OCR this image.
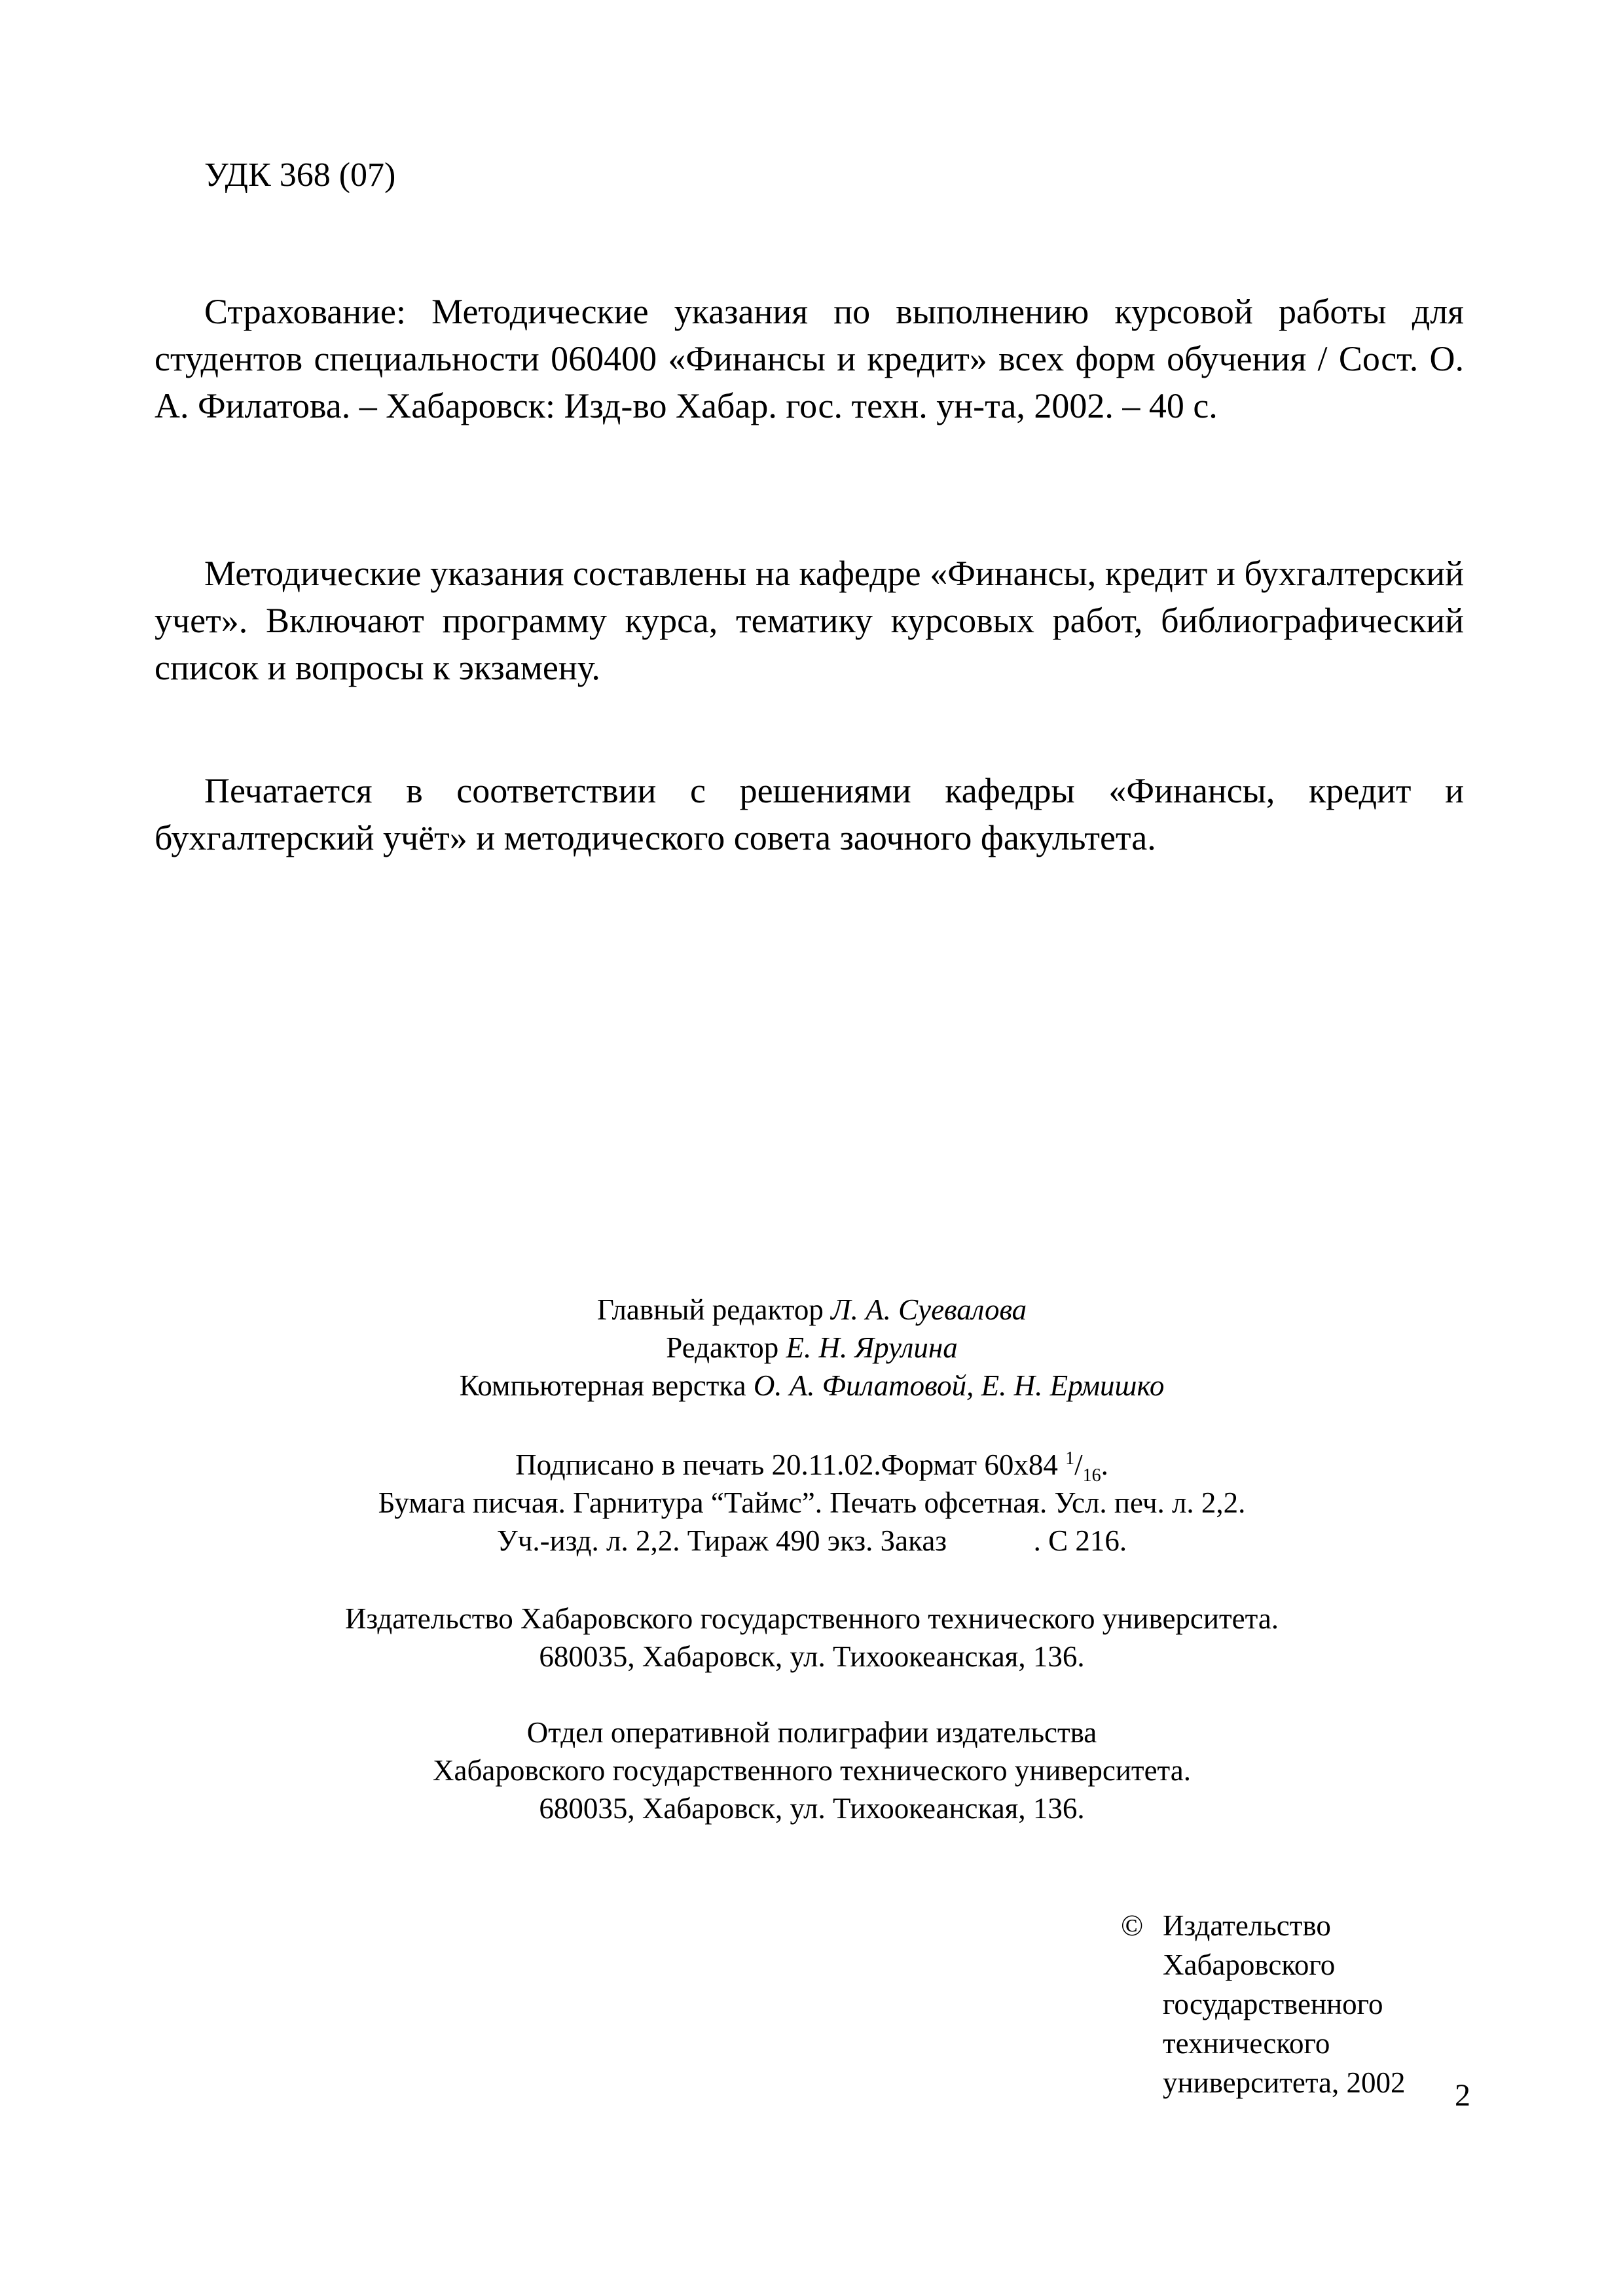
УДК 368 (07)
Страхование: Методические указания по выполнению курсовой работы для студентов специальности 060400 «Финансы и кредит» всех форм обучения / Сост. О. А. Филатова. – Хабаровск: Изд-во Хабар. гос. техн. ун-та, 2002. – 40 с.
Методические указания составлены на кафедре «Финансы, кредит и бухгалтерский учет». Включают программу курса, тематику курсовых работ, библиографический список и вопросы к экзамену.
Печатается в соответствии с решениями кафедры «Финансы, кредит и бухгалтерский учёт» и методического совета заочного факультета.
Главный редактор Л. А. Суевалова
Редактор Е. Н. Ярулина
Компьютерная верстка О. А. Филатовой, Е. Н. Ермишко
Подписано в печать 20.11.02.Формат 60x84 $^1/_{16}$.
Бумага писчая. Гарнитура “Таймс”. Печать офсетная. Усл. печ. л. 2,2.
Уч.-изд. л. 2,2. Тираж 490 экз. Заказ	. С 216.
Издательство Хабаровского государственного технического университета.
680035, Хабаровск, ул. Тихоокеанская, 136.
Отдел оперативной полиграфии издательства
Хабаровского государственного технического университета.
680035, Хабаровск, ул. Тихоокеанская, 136.
© Издательство
Хабаровского
государственного
технического
университета, 2002 2
